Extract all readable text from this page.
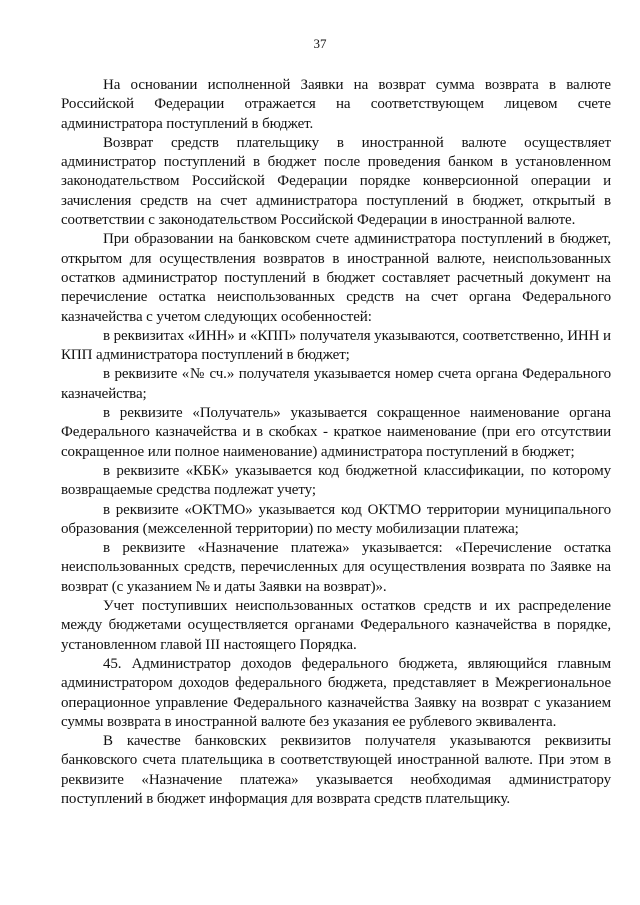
37

На основании исполненной Заявки на возврат сумма возврата в валюте Российской Федерации отражается на соответствующем лицевом счете администратора поступлений в бюджет.

Возврат средств плательщику в иностранной валюте осуществляет администратор поступлений в бюджет после проведения банком в установленном законодательством Российской Федерации порядке конверсионной операции и зачисления средств на счет администратора поступлений в бюджет, открытый в соответствии с законодательством Российской Федерации в иностранной валюте.

При образовании на банковском счете администратора поступлений в бюджет, открытом для осуществления возвратов в иностранной валюте, неиспользованных остатков администратор поступлений в бюджет составляет расчетный документ на перечисление остатка неиспользованных средств на счет органа Федерального казначейства с учетом следующих особенностей:

в реквизитах «ИНН» и «КПП» получателя указываются, соответственно, ИНН и КПП администратора поступлений в бюджет;

в реквизите «№ сч.» получателя указывается номер счета органа Федерального казначейства;

в реквизите «Получатель» указывается сокращенное наименование органа Федерального казначейства и в скобках - краткое наименование (при его отсутствии сокращенное или полное наименование) администратора поступлений в бюджет;

в реквизите «КБК» указывается код бюджетной классификации, по которому возвращаемые средства подлежат учету;

в реквизите «ОКТМО» указывается код ОКТМО территории муниципального образования (межселенной территории) по месту мобилизации платежа;

в реквизите «Назначение платежа» указывается: «Перечисление остатка неиспользованных средств, перечисленных для осуществления возврата по Заявке на возврат (с указанием № и даты Заявки на возврат)».

Учет поступивших неиспользованных остатков средств и их распределение между бюджетами осуществляется органами Федерального казначейства в порядке, установленном главой III настоящего Порядка.

45. Администратор доходов федерального бюджета, являющийся главным администратором доходов федерального бюджета, представляет в Межрегиональное операционное управление Федерального казначейства Заявку на возврат с указанием суммы возврата в иностранной валюте без указания ее рублевого эквивалента.

В качестве банковских реквизитов получателя указываются реквизиты банковского счета плательщика в соответствующей иностранной валюте. При этом в реквизите «Назначение платежа» указывается необходимая администратору поступлений в бюджет информация для возврата средств плательщику.
